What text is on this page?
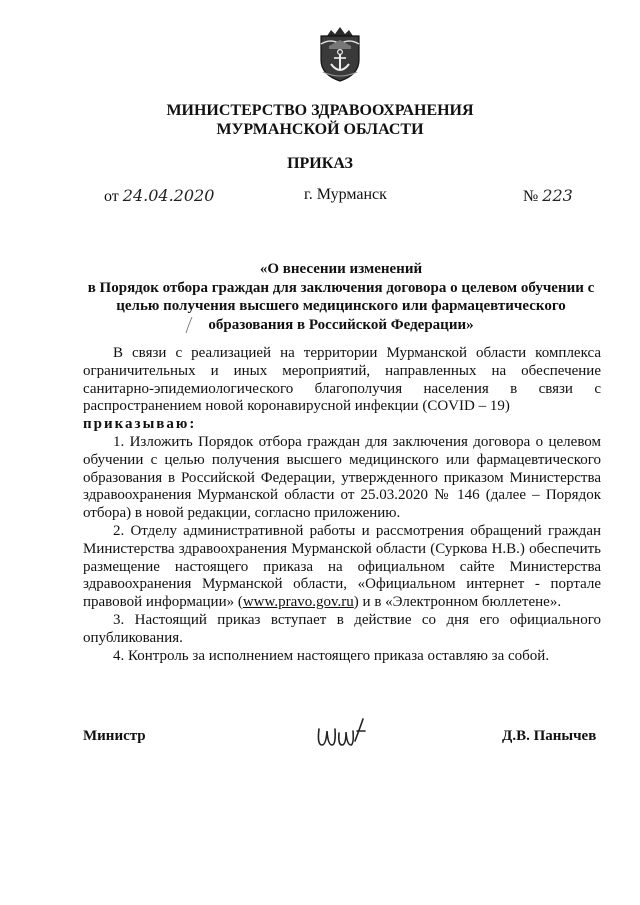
МИНИСТЕРСТВО ЗДРАВООХРАНЕНИЯ
МУРМАНСКОЙ ОБЛАСТИ
ПРИКАЗ
от 24.04.2020	г. Мурманск	№ 223
«О внесении изменений
в Порядок отбора граждан для заключения договора о целевом обучении с
целью получения высшего медицинского или фармацевтического
образования в Российской Федерации»

В связи с реализацией на территории Мурманской области комплекса ограничительных и иных мероприятий, направленных на обеспечение санитарно-эпидемиологического благополучия населения в связи с распространением новой коронавирусной инфекции (COVID – 19)

приказываю:

1. Изложить Порядок отбора граждан для заключения договора о целевом обучении с целью получения высшего медицинского или фармацевтического образования в Российской Федерации, утвержденного приказом Министерства здравоохранения Мурманской области от 25.03.2020 № 146 (далее – Порядок отбора) в новой редакции, согласно приложению.

2. Отделу административной работы и рассмотрения обращений граждан Министерства здравоохранения Мурманской области (Суркова Н.В.) обеспечить размещение настоящего приказа на официальном сайте Министерства здравоохранения Мурманской области, «Официальном интернет - портале правовой информации» (www.pravo.gov.ru) и в «Электронном бюллетене».

3. Настоящий приказ вступает в действие со дня его официального опубликования.

4. Контроль за исполнением настоящего приказа оставляю за собой.

Министр	Д.В. Панычев
